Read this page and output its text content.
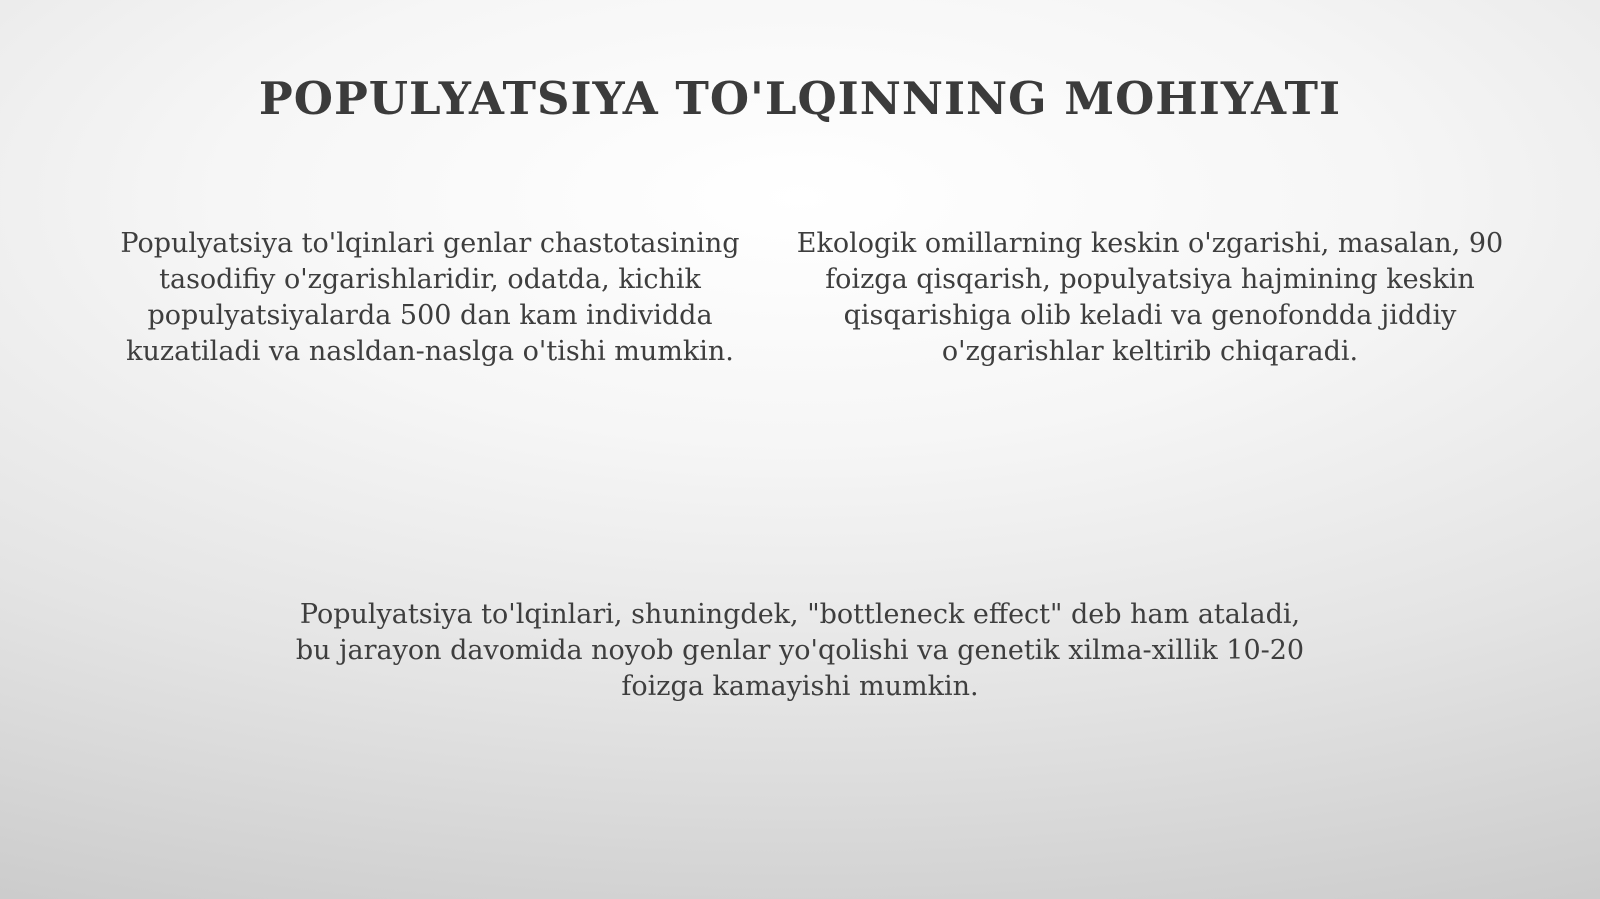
POPULYATSIYA TO'LQINNING MOHIYATI

Populyatsiya to'lqinlari genlar chastotasining tasodifiy o'zgarishlaridir, odatda, kichik populyatsiyalarda 500 dan kam individda kuzatiladi va nasldan-naslga o'tishi mumkin.

Ekologik omillarning keskin o'zgarishi, masalan, 90 foizga qisqarish, populyatsiya hajmining keskin qisqarishiga olib keladi va genofondda jiddiy o'zgarishlar keltirib chiqaradi.

Populyatsiya to'lqinlari, shuningdek, "bottleneck effect" deb ham ataladi, bu jarayon davomida noyob genlar yo'qolishi va genetik xilma-xillik 10-20 foizga kamayishi mumkin.
